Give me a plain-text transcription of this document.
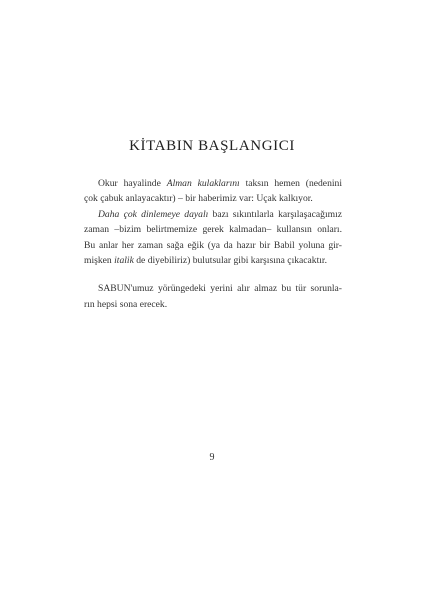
KİTABIN BAŞLANGICI

Okur hayalinde Alman kulaklarını taksın hemen (nedenini
çok çabuk anlayacaktır) – bir haberimiz var: Uçak kalkıyor.

Daha çok dinlemeye dayalı bazı sıkıntılarla karşılaşacağımız
zaman –bizim belirtmemize gerek kalmadan– kullansın onları.
Bu anlar her zaman sağa eğik (ya da hazır bir Babil yoluna gir-
mişken italik de diyebiliriz) bulutsular gibi karşısına çıkacaktır.

SABUN'umuz yörüngedeki yerini alır almaz bu tür sorunla-
rın hepsi sona erecek.

9
